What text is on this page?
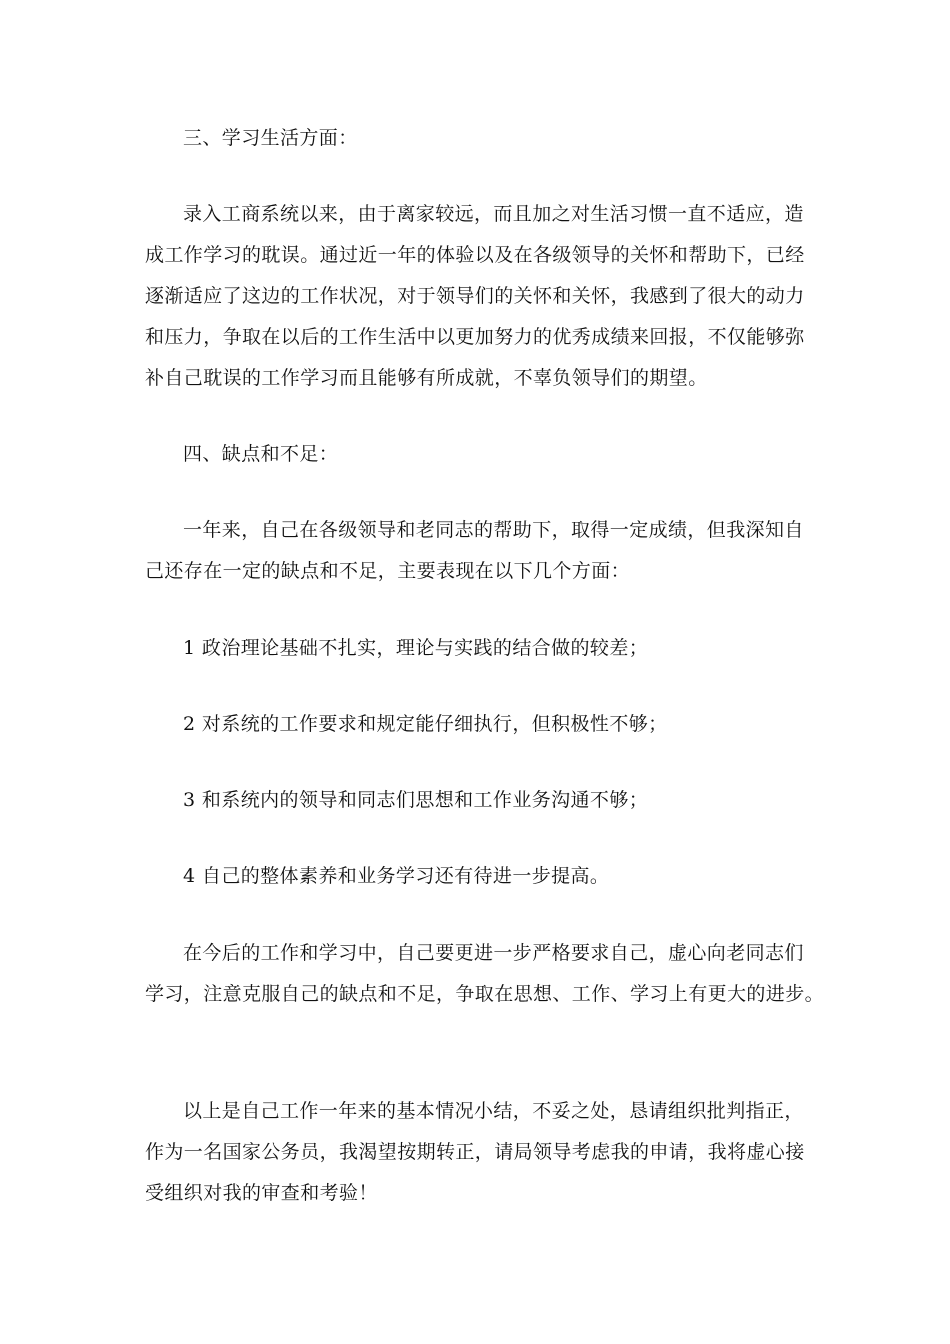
三、学习生活方面：
录入工商系统以来，由于离家较远，而且加之对生活习惯一直不适应，造
成工作学习的耽误。通过近一年的体验以及在各级领导的关怀和帮助下，已经
逐渐适应了这边的工作状况，对于领导们的关怀和关怀，我感到了很大的动力
和压力，争取在以后的工作生活中以更加努力的优秀成绩来回报，不仅能够弥
补自己耽误的工作学习而且能够有所成就，不辜负领导们的期望。
四、缺点和不足：
一年来，自己在各级领导和老同志的帮助下，取得一定成绩，但我深知自
己还存在一定的缺点和不足，主要表现在以下几个方面：
1 政治理论基础不扎实，理论与实践的结合做的较差；
2 对系统的工作要求和规定能仔细执行，但积极性不够；
3 和系统内的领导和同志们思想和工作业务沟通不够；
4 自己的整体素养和业务学习还有待进一步提高。
在今后的工作和学习中，自己要更进一步严格要求自己，虚心向老同志们
学习，注意克服自己的缺点和不足，争取在思想、工作、学习上有更大的进步。
以上是自己工作一年来的基本情况小结，不妥之处，恳请组织批判指正，
作为一名国家公务员，我渴望按期转正，请局领导考虑我的申请，我将虚心接
受组织对我的审查和考验！
